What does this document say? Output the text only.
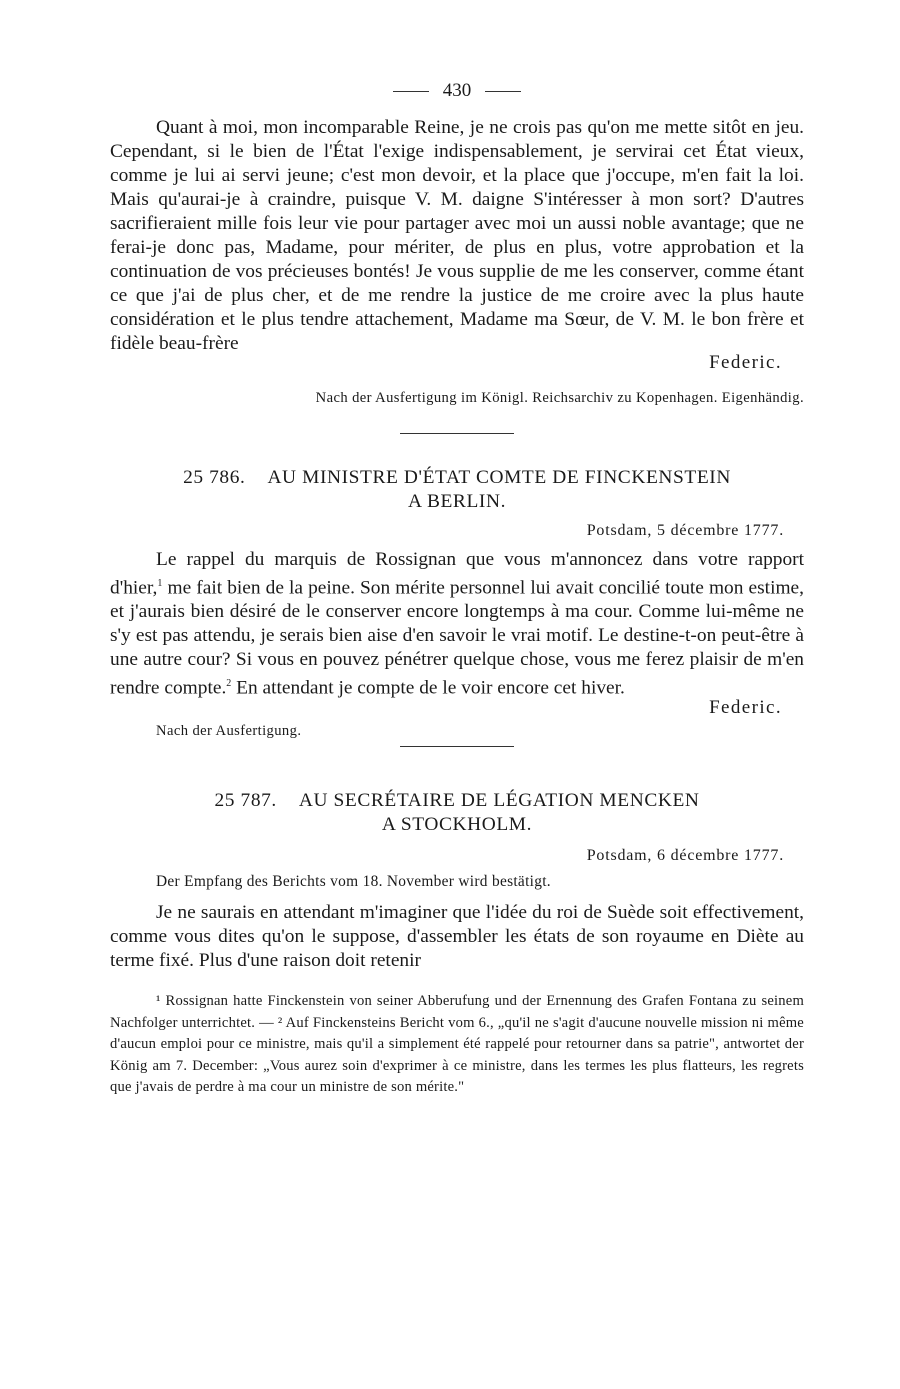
430

Quant à moi, mon incomparable Reine, je ne crois pas qu'on me mette sitôt en jeu. Cependant, si le bien de l'État l'exige indispensablement, je servirai cet État vieux, comme je lui ai servi jeune; c'est mon devoir, et la place que j'occupe, m'en fait la loi. Mais qu'aurai-je à craindre, puisque V. M. daigne S'intéresser à mon sort? D'autres sacrifieraient mille fois leur vie pour partager avec moi un aussi noble avantage; que ne ferai-je donc pas, Madame, pour mériter, de plus en plus, votre approbation et la continuation de vos précieuses bontés! Je vous supplie de me les conserver, comme étant ce que j'ai de plus cher, et de me rendre la justice de me croire avec la plus haute considération et le plus tendre attachement, Madame ma Sœur, de V. M. le bon frère et fidèle beau-frère

Federic.
Nach der Ausfertigung im Königl. Reichsarchiv zu Kopenhagen. Eigenhändig.
25 786. AU MINISTRE D'ÉTAT COMTE DE FINCKENSTEIN
A BERLIN.
Potsdam, 5 décembre 1777.

Le rappel du marquis de Rossignan que vous m'annoncez dans votre rapport d'hier,$^1$ me fait bien de la peine. Son mérite personnel lui avait concilié toute mon estime, et j'aurais bien désiré de le conserver encore longtemps à ma cour. Comme lui-même ne s'y est pas attendu, je serais bien aise d'en savoir le vrai motif. Le destine-t-on peut-être à une autre cour? Si vous en pouvez pénétrer quelque chose, vous me ferez plaisir de m'en rendre compte.$^2$ En attendant je compte de le voir encore cet hiver.

Federic.
Nach der Ausfertigung.
25 787. AU SECRÉTAIRE DE LÉGATION MENCKEN
A STOCKHOLM.
Potsdam, 6 décembre 1777.
Der Empfang des Berichts vom 18. November wird bestätigt.

Je ne saurais en attendant m'imaginer que l'idée du roi de Suède soit effectivement, comme vous dites qu'on le suppose, d'assembler les états de son royaume en Diète au terme fixé. Plus d'une raison doit retenir

¹ Rossignan hatte Finckenstein von seiner Abberufung und der Ernennung des Grafen Fontana zu seinem Nachfolger unterrichtet. — ² Auf Finckensteins Bericht vom 6., „qu'il ne s'agit d'aucune nouvelle mission ni même d'aucun emploi pour ce ministre, mais qu'il a simplement été rappelé pour retourner dans sa patrie", antwortet der König am 7. December: „Vous aurez soin d'exprimer à ce ministre, dans les termes les plus flatteurs, les regrets que j'avais de perdre à ma cour un ministre de son mérite."
